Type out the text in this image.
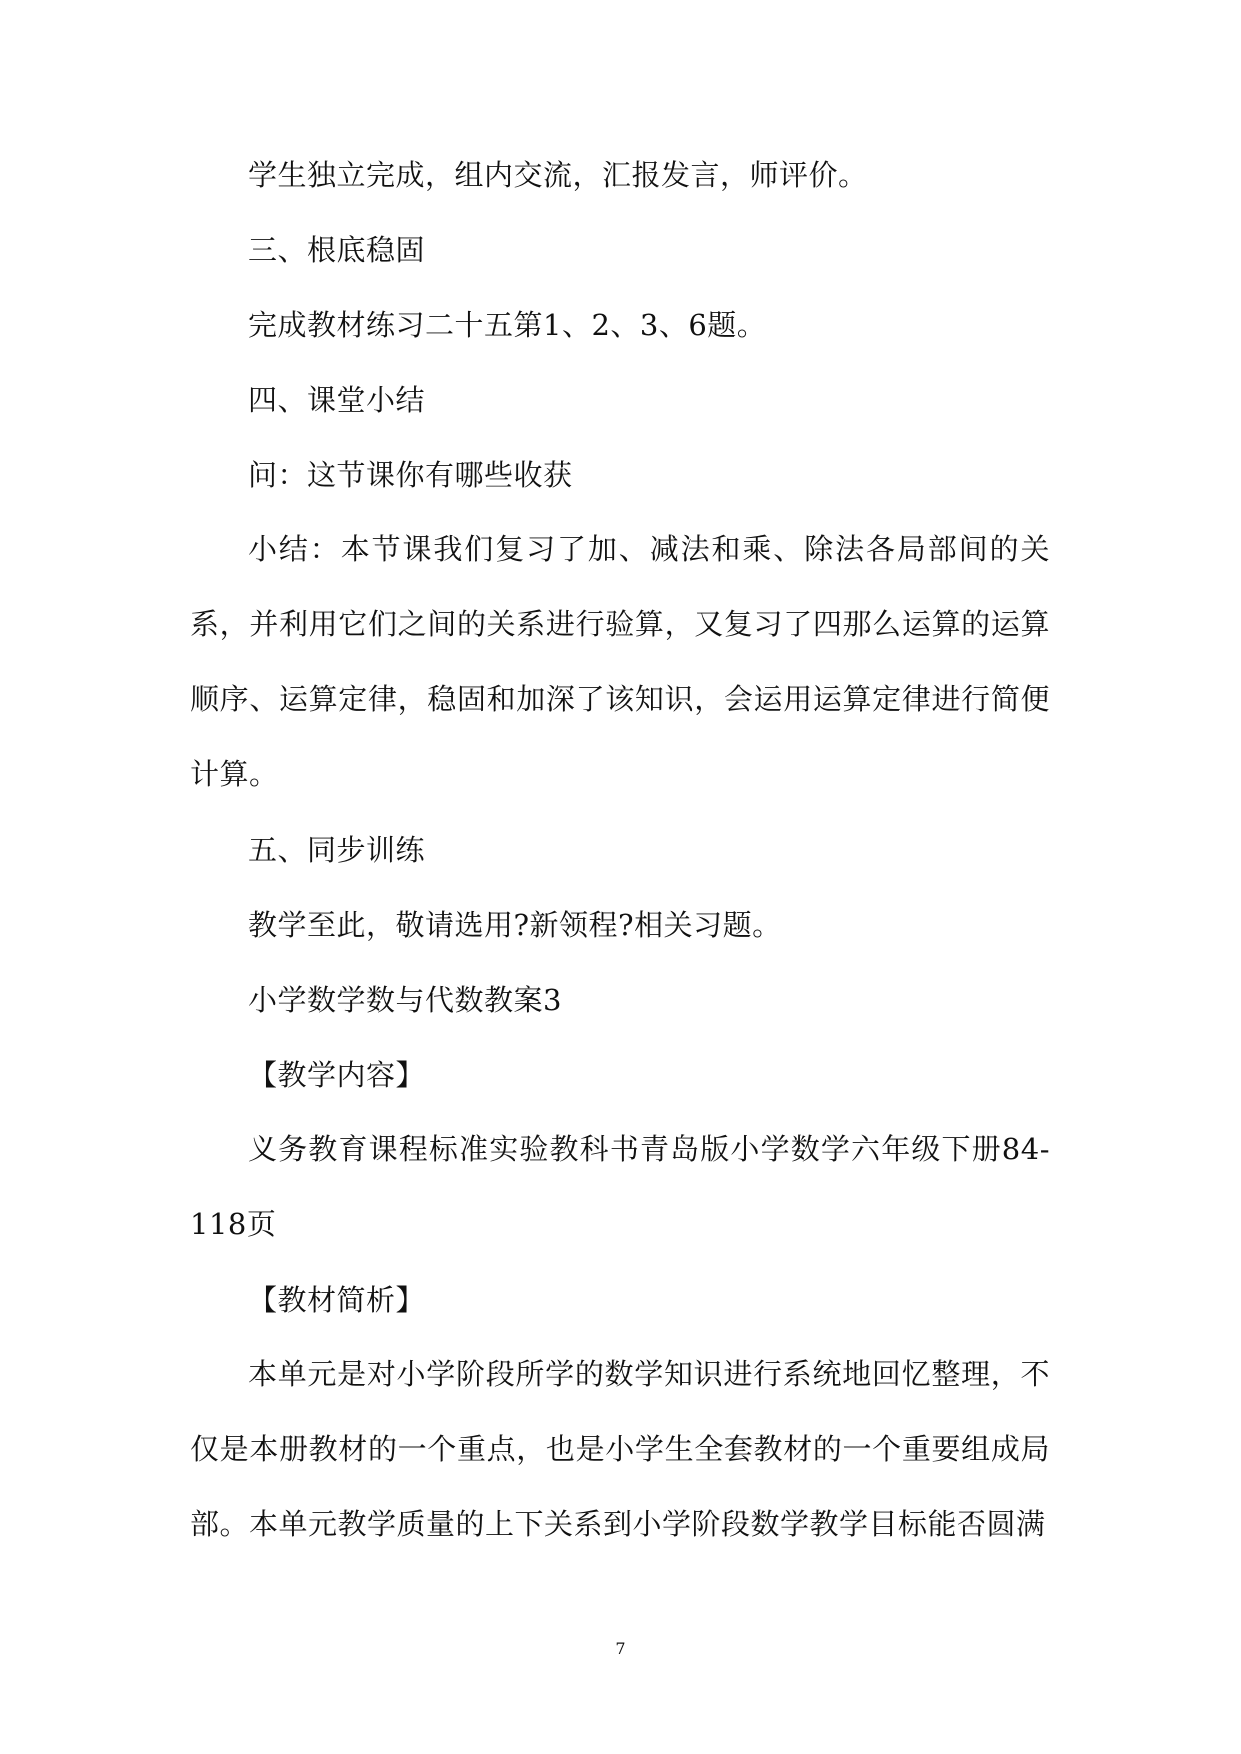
学生独立完成，组内交流，汇报发言，师评价。
三、根底稳固
完成教材练习二十五第1、2、3、6题。
四、课堂小结
问：这节课你有哪些收获
小结：本节课我们复习了加、减法和乘、除法各局部间的关系，并利用它们之间的关系进行验算，又复习了四那么运算的运算顺序、运算定律，稳固和加深了该知识，会运用运算定律进行简便计算。
五、同步训练
教学至此，敬请选用?新领程?相关习题。
小学数学数与代数教案3
【教学内容】
义务教育课程标准实验教科书青岛版小学数学六年级下册84-118页
【教材简析】
本单元是对小学阶段所学的数学知识进行系统地回忆整理，不仅是本册教材的一个重点，也是小学生全套教材的一个重要组成局部。本单元教学质量的上下关系到小学阶段数学教学目标能否圆满
7
